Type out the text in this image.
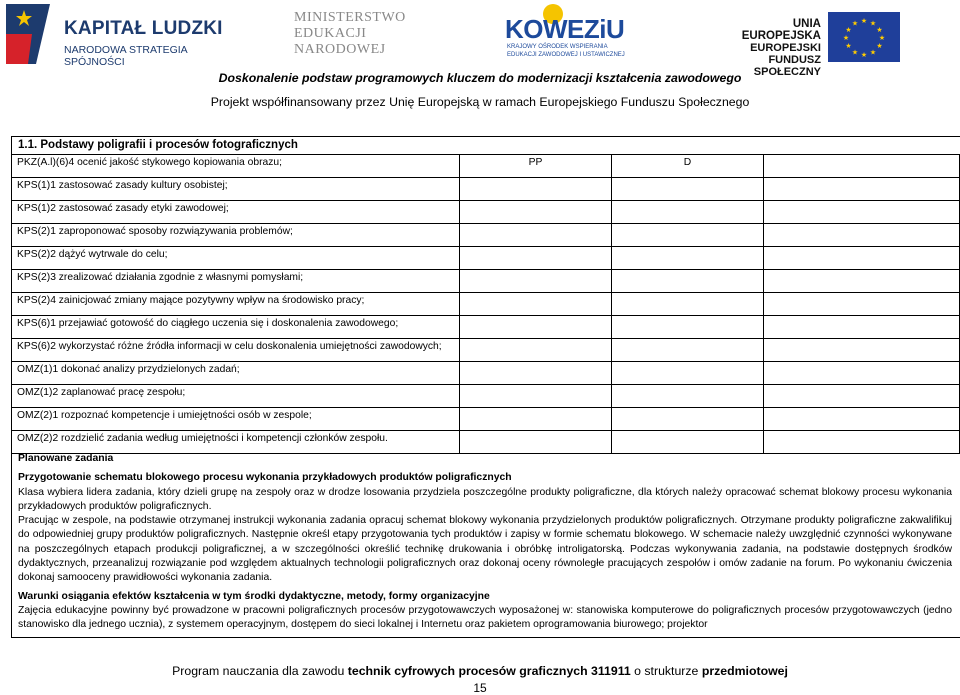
KAPITAŁ LUDZKI
NARODOWA STRATEGIA SPÓJNOŚCI
MINISTERSTWO
EDUKACJI
NARODOWEJ
KOWEZiU
KRAJOWY OŚRODEK WSPIERANIA
EDUKACJI ZAWODOWEJ I USTAWICZNEJ
UNIA EUROPEJSKA
EUROPEJSKI
FUNDUSZ SPOŁECZNY
★ ★
★
★
★
★
★
★
★
★
★
★
Doskonalenie podstaw programowych kluczem do modernizacji kształcenia zawodowego
Projekt współfinansowany przez Unię Europejską w ramach Europejskiego Funduszu Społecznego
1.1. Podstawy poligrafii i procesów fotograficznych
PKZ(A.l)(6)4 ocenić jakość stykowego kopiowania obrazu;	PP	D	
KPS(1)1 zastosować zasady kultury osobistej;			
KPS(1)2 zastosować zasady etyki zawodowej;			
KPS(2)1 zaproponować sposoby rozwiązywania problemów;			
KPS(2)2 dążyć wytrwale do celu;			
KPS(2)3 zrealizować działania zgodnie z własnymi pomysłami;			
KPS(2)4 zainicjować zmiany mające pozytywny wpływ na środowisko pracy;			
KPS(6)1 przejawiać gotowość do ciągłego uczenia się i doskonalenia zawodowego;			
KPS(6)2 wykorzystać różne źródła informacji w celu doskonalenia umiejętności zawodowych;			
OMZ(1)1 dokonać analizy przydzielonych zadań;			
OMZ(1)2 zaplanować pracę zespołu;			
OMZ(2)1 rozpoznać kompetencje i umiejętności osób w zespole;			
OMZ(2)2 rozdzielić zadania według umiejętności i kompetencji członków zespołu.			
Planowane zadania
Przygotowanie schematu blokowego procesu wykonania przykładowych produktów poligraficznych
Klasa wybiera lidera zadania, który dzieli grupę na zespoły oraz w drodze losowania przydziela poszczególne produkty poligraficzne, dla których należy opracować schemat blokowy procesu wykonania przykładowych produktów poligraficznych.
Pracując w zespole, na podstawie otrzymanej instrukcji wykonania zadania opracuj schemat blokowy wykonania przydzielonych produktów poligraficznych. Otrzymane produkty poligraficzne zakwalifikuj do odpowiedniej grupy produktów poligraficznych. Następnie określ etapy przygotowania tych produktów i zapisy w formie schematu blokowego. W schemacie należy uwzględnić czynności wykonywane na poszczególnych etapach produkcji poligraficznej, a w szczególności określić technikę drukowania i obróbkę introligatorską. Podczas wykonywania zadania, na podstawie dostępnych środków dydaktycznych, przeanalizuj rozwiązanie pod względem aktualnych technologii poligraficznych oraz dokonaj oceny równoległe pracujących zespołów i omów zadanie na forum. Po wykonaniu ćwiczenia dokonaj samooceny prawidłowości wykonania zadania.
Warunki osiągania efektów kształcenia w tym środki dydaktyczne, metody, formy organizacyjne
Zajęcia edukacyjne powinny być prowadzone w pracowni poligraficznych procesów przygotowawczych wyposażonej w: stanowiska komputerowe do poligraficznych procesów przygotowawczych (jedno stanowisko dla jednego ucznia), z systemem operacyjnym, dostępem do sieci lokalnej i Internetu oraz pakietem oprogramowania biurowego; projektor
Program nauczania dla zawodu technik cyfrowych procesów graficznych 311911 o strukturze przedmiotowej
15
